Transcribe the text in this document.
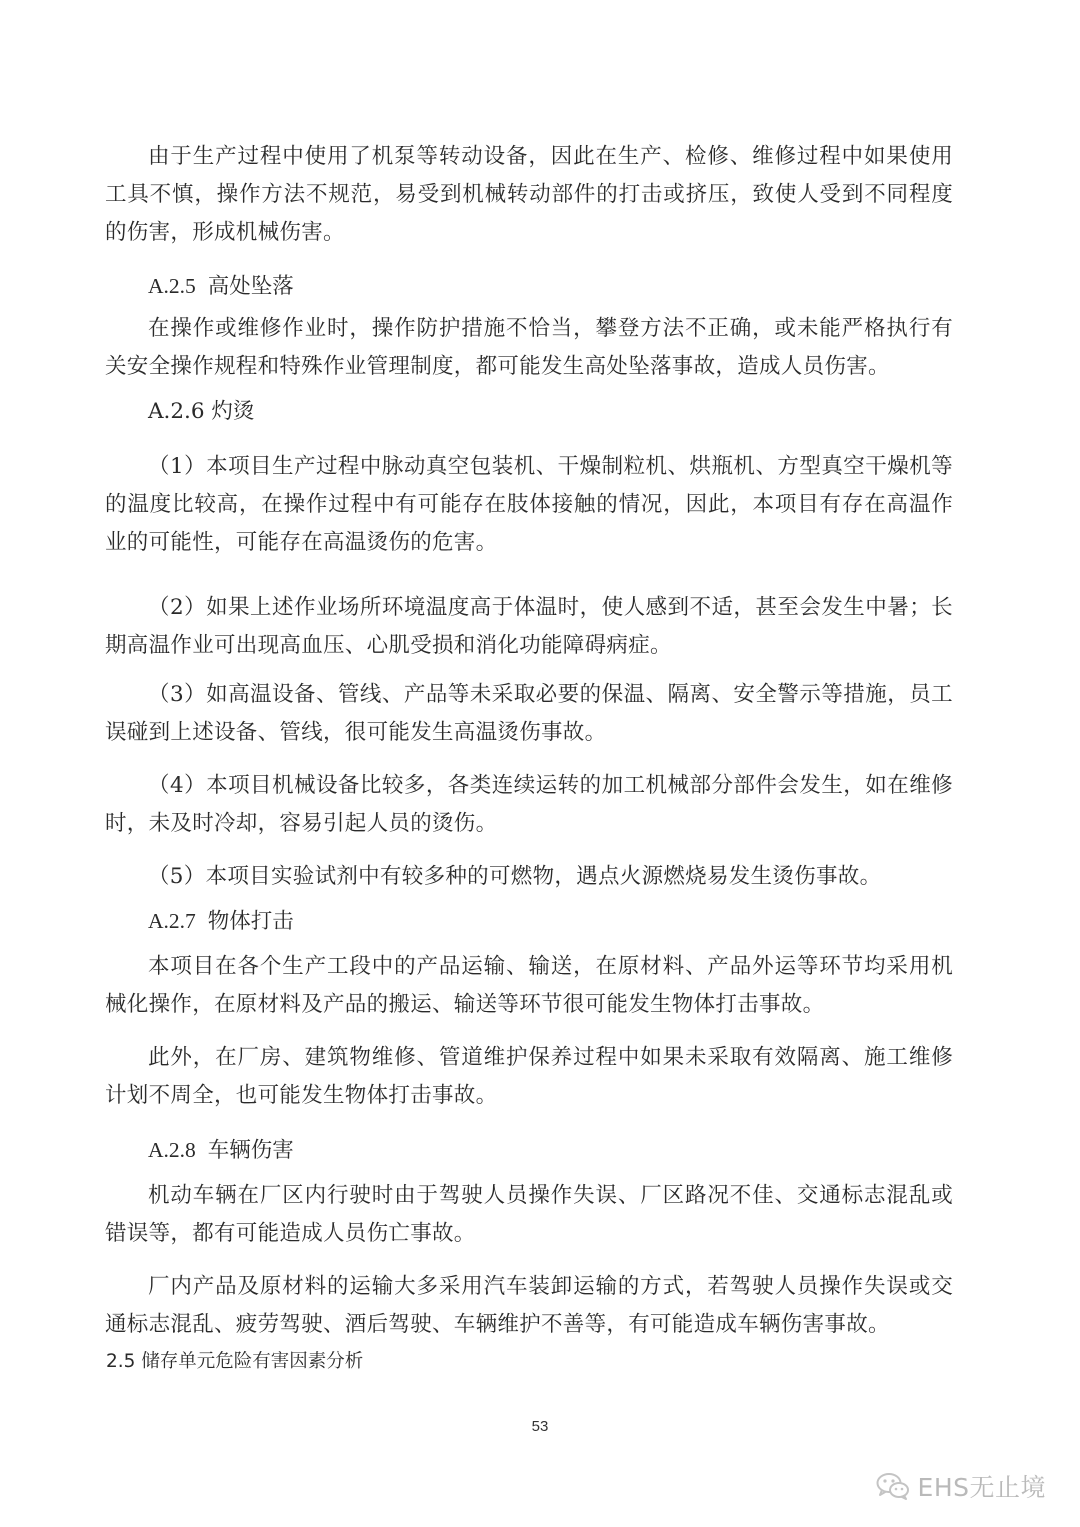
由于生产过程中使用了机泵等转动设备，因此在生产、检修、维修过程中如果使用工具不慎，操作方法不规范，易受到机械转动部件的打击或挤压，致使人受到不同程度的伤害，形成机械伤害。

A.2.5 高处坠落

在操作或维修作业时，操作防护措施不恰当，攀登方法不正确，或未能严格执行有关安全操作规程和特殊作业管理制度，都可能发生高处坠落事故，造成人员伤害。

A.2.6 灼烫

（1）本项目生产过程中脉动真空包装机、干燥制粒机、烘瓶机、方型真空干燥机等的温度比较高，在操作过程中有可能存在肢体接触的情况，因此，本项目有存在高温作业的可能性，可能存在高温烫伤的危害。

（2）如果上述作业场所环境温度高于体温时，使人感到不适，甚至会发生中暑；长期高温作业可出现高血压、心肌受损和消化功能障碍病症。

（3）如高温设备、管线、产品等未采取必要的保温、隔离、安全警示等措施，员工误碰到上述设备、管线，很可能发生高温烫伤事故。

（4）本项目机械设备比较多，各类连续运转的加工机械部分部件会发生，如在维修时，未及时冷却，容易引起人员的烫伤。

（5）本项目实验试剂中有较多种的可燃物，遇点火源燃烧易发生烫伤事故。

A.2.7 物体打击

本项目在各个生产工段中的产品运输、输送，在原材料、产品外运等环节均采用机械化操作，在原材料及产品的搬运、输送等环节很可能发生物体打击事故。

此外，在厂房、建筑物维修、管道维护保养过程中如果未采取有效隔离、施工维修计划不周全，也可能发生物体打击事故。

A.2.8 车辆伤害

机动车辆在厂区内行驶时由于驾驶人员操作失误、厂区路况不佳、交通标志混乱或错误等，都有可能造成人员伤亡事故。

厂内产品及原材料的运输大多采用汽车装卸运输的方式，若驾驶人员操作失误或交通标志混乱、疲劳驾驶、酒后驾驶、车辆维护不善等，有可能造成车辆伤害事故。

2.5 储存单元危险有害因素分析

53
EHS无止境
